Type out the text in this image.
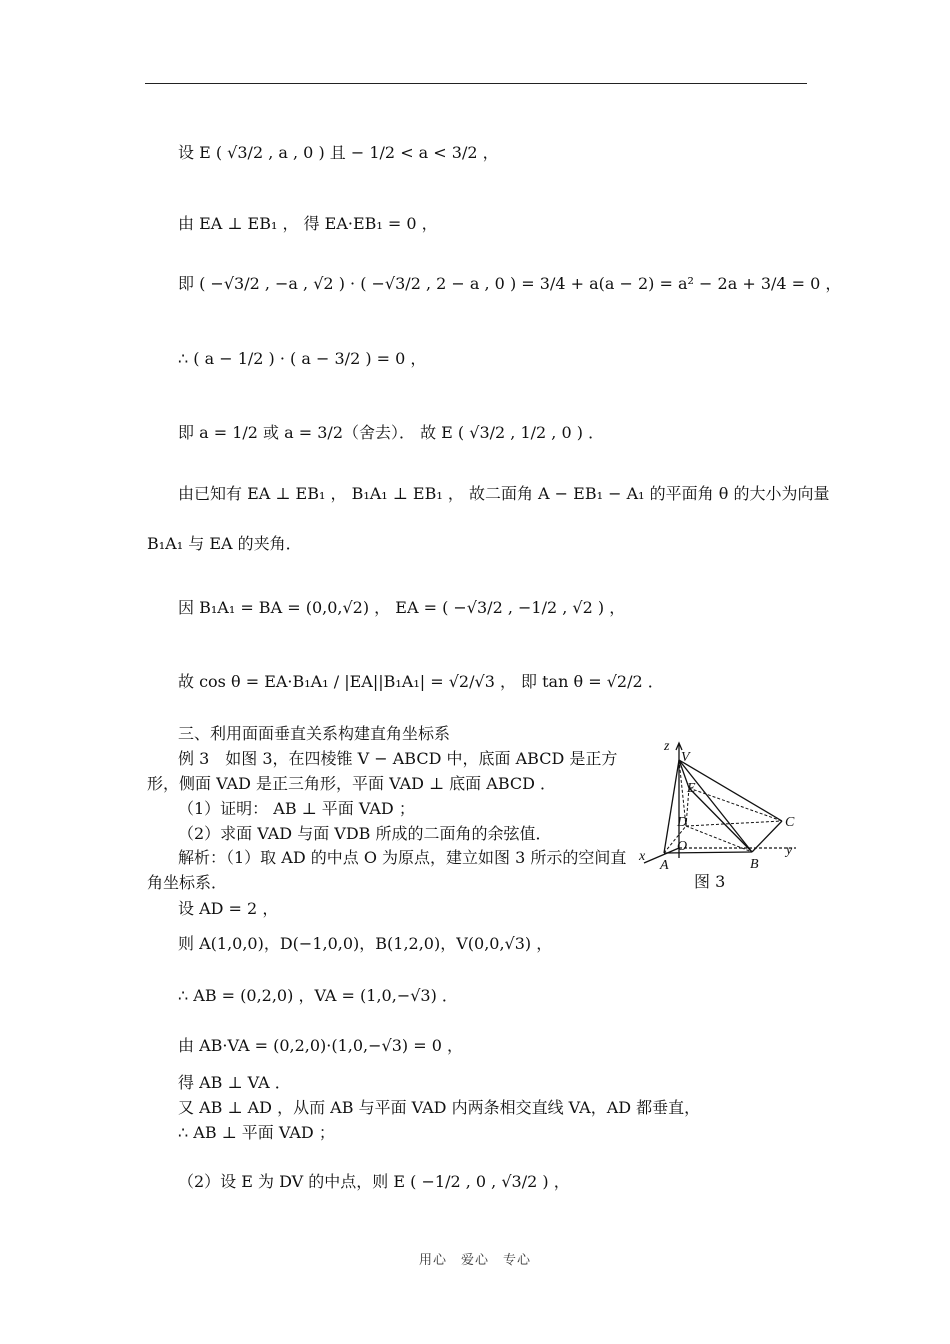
设 E ( √3/2 , a , 0 ) 且 − 1/2 < a < 3/2 ，
由 EA ⊥ EB₁ ， 得 EA·EB₁ = 0 ，
即 ( −√3/2 , −a , √2 ) · ( −√3/2 , 2 − a , 0 ) = 3/4 + a(a − 2) = a² − 2a + 3/4 = 0 ，
∴ ( a − 1/2 ) · ( a − 3/2 ) = 0 ，
即 a = 1/2 或 a = 3/2（舍去）． 故 E ( √3/2 , 1/2 , 0 ) ．
由已知有 EA ⊥ EB₁ ， B₁A₁ ⊥ EB₁ ， 故二面角 A − EB₁ − A₁ 的平面角 θ 的大小为向量
B₁A₁ 与 EA 的夹角．
因 B₁A₁ = BA = (0,0,√2) ， EA = ( −√3/2 , −1/2 , √2 ) ，
故 cos θ = EA·B₁A₁ / |EA||B₁A₁| = √2/√3 ， 即 tan θ = √2/2 ．
三、利用面面垂直关系构建直角坐标系
例 3　如图 3，在四棱锥 V − ABCD 中，底面 ABCD 是正方
形，侧面 VAD 是正三角形，平面 VAD ⊥ 底面 ABCD ．
（1）证明： AB ⊥ 平面 VAD ；
（2）求面 VAD 与面 VDB 所成的二面角的余弦值．
解析：（1）取 AD 的中点 O 为原点，建立如图 3 所示的空间直
角坐标系．
设 AD = 2 ，
则 A(1,0,0)，D(−1,0,0)，B(1,2,0)，V(0,0,√3) ，
∴ AB = (0,2,0) ，VA = (1,0,−√3) ．
由 AB·VA = (0,2,0)·(1,0,−√3) = 0 ，
得 AB ⊥ VA ．
又 AB ⊥ AD ，从而 AB 与平面 VAD 内两条相交直线 VA，AD 都垂直，
∴ AB ⊥ 平面 VAD ；
（2）设 E 为 DV 的中点，则 E ( −1/2 , 0 , √3/2 ) ，
z
V
E
D	C
O	y
x
A	B
图 3
用心　爱心　专心
